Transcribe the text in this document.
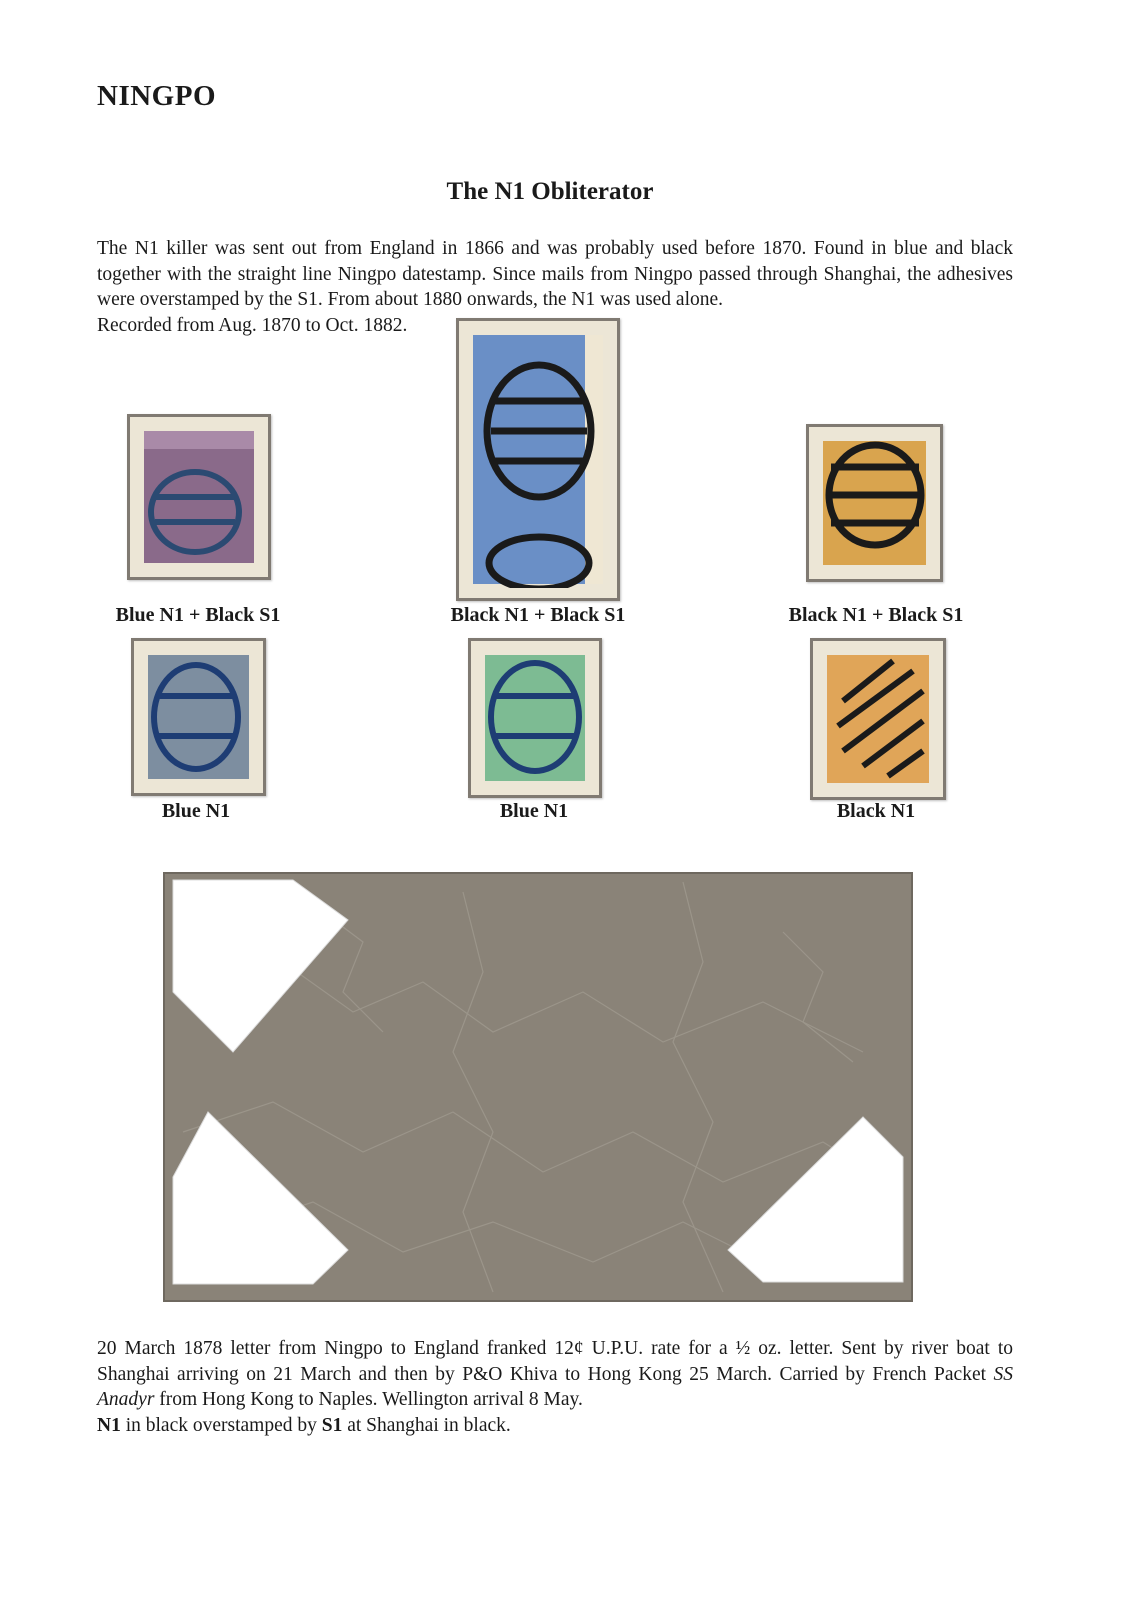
NINGPO
The N1 Obliterator

The N1 killer was sent out from England in 1866 and was probably used before 1870. Found in blue and black together with the straight line Ningpo datestamp. Since mails from Ningpo passed through Shanghai, the adhesives were overstamped by the S1. From about 1880 onwards, the N1 was used alone.

Recorded from Aug. 1870 to Oct. 1882.

Blue N1 + Black S1	Black N1 + Black S1	Black N1 + Black S1
Blue N1	Blue N1	Black N1

20 March 1878 letter from Ningpo to England franked 12¢ U.P.U. rate for a ½ oz. letter. Sent by river boat to Shanghai arriving on 21 March and then by P&O Khiva to Hong Kong 25 March. Carried by French Packet SS Anadyr from Hong Kong to Naples. Wellington arrival 8 May.

N1 in black overstamped by S1 at Shanghai in black.
